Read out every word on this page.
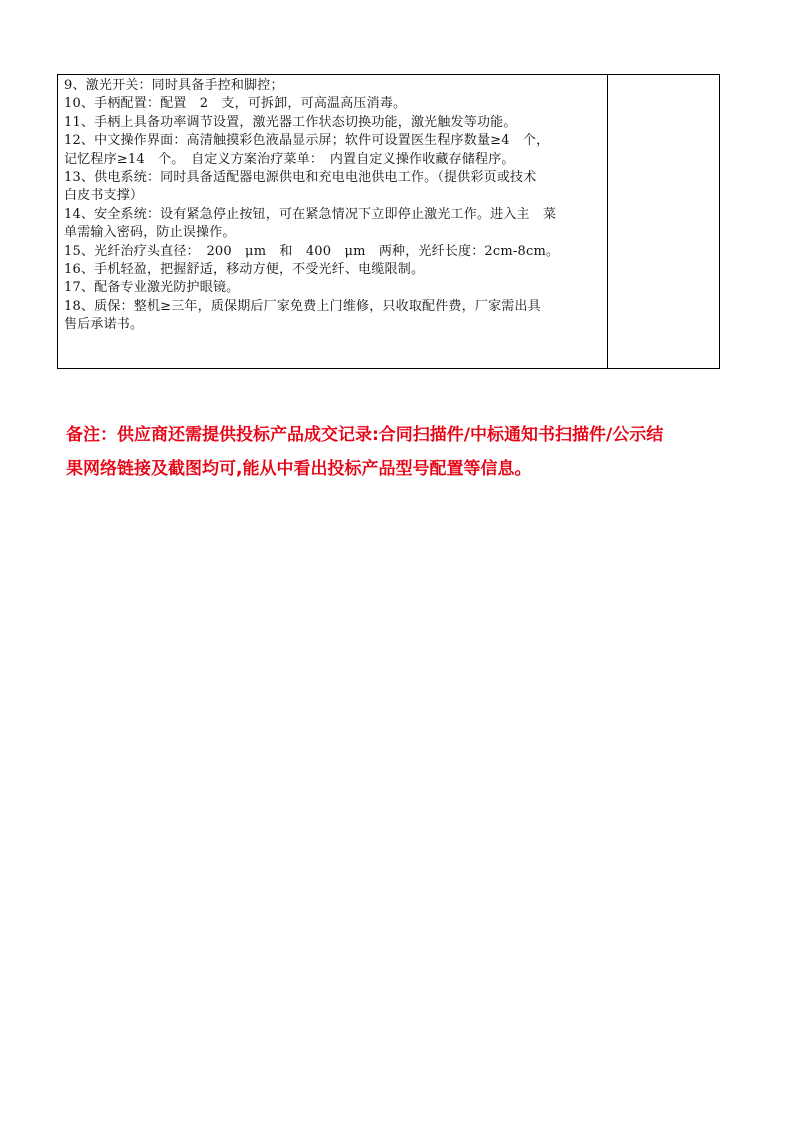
9、激光开关：同时具备手控和脚控；
10、手柄配置：配置　2　支，可拆卸，可高温高压消毒。
11、手柄上具备功率调节设置，激光器工作状态切换功能，激光触发等功能。
12、中文操作界面：高清触摸彩色液晶显示屏；软件可设置医生程序数量≥4　个，
记忆程序≥14　个。　自定义方案治疗菜单：　内置自定义操作收藏存储程序。
13、供电系统：同时具备适配器电源供电和充电电池供电工作。（提供彩页或技术
白皮书支撑）
14、安全系统：设有紧急停止按钮，可在紧急情况下立即停止激光工作。进入主　菜
单需输入密码，防止误操作。
15、光纤治疗头直径：　200　μm　和　400　μm　两种，光纤长度：2cm-8cm。
16、手机轻盈，把握舒适，移动方便，不受光纤、电缆限制。
17、配备专业激光防护眼镜。
18、质保：整机≥三年，质保期后厂家免费上门维修，只收取配件费，厂家需出具
售后承诺书。
备注：供应商还需提供投标产品成交记录:合同扫描件/中标通知书扫描件/公示结
果网络链接及截图均可,能从中看出投标产品型号配置等信息。
